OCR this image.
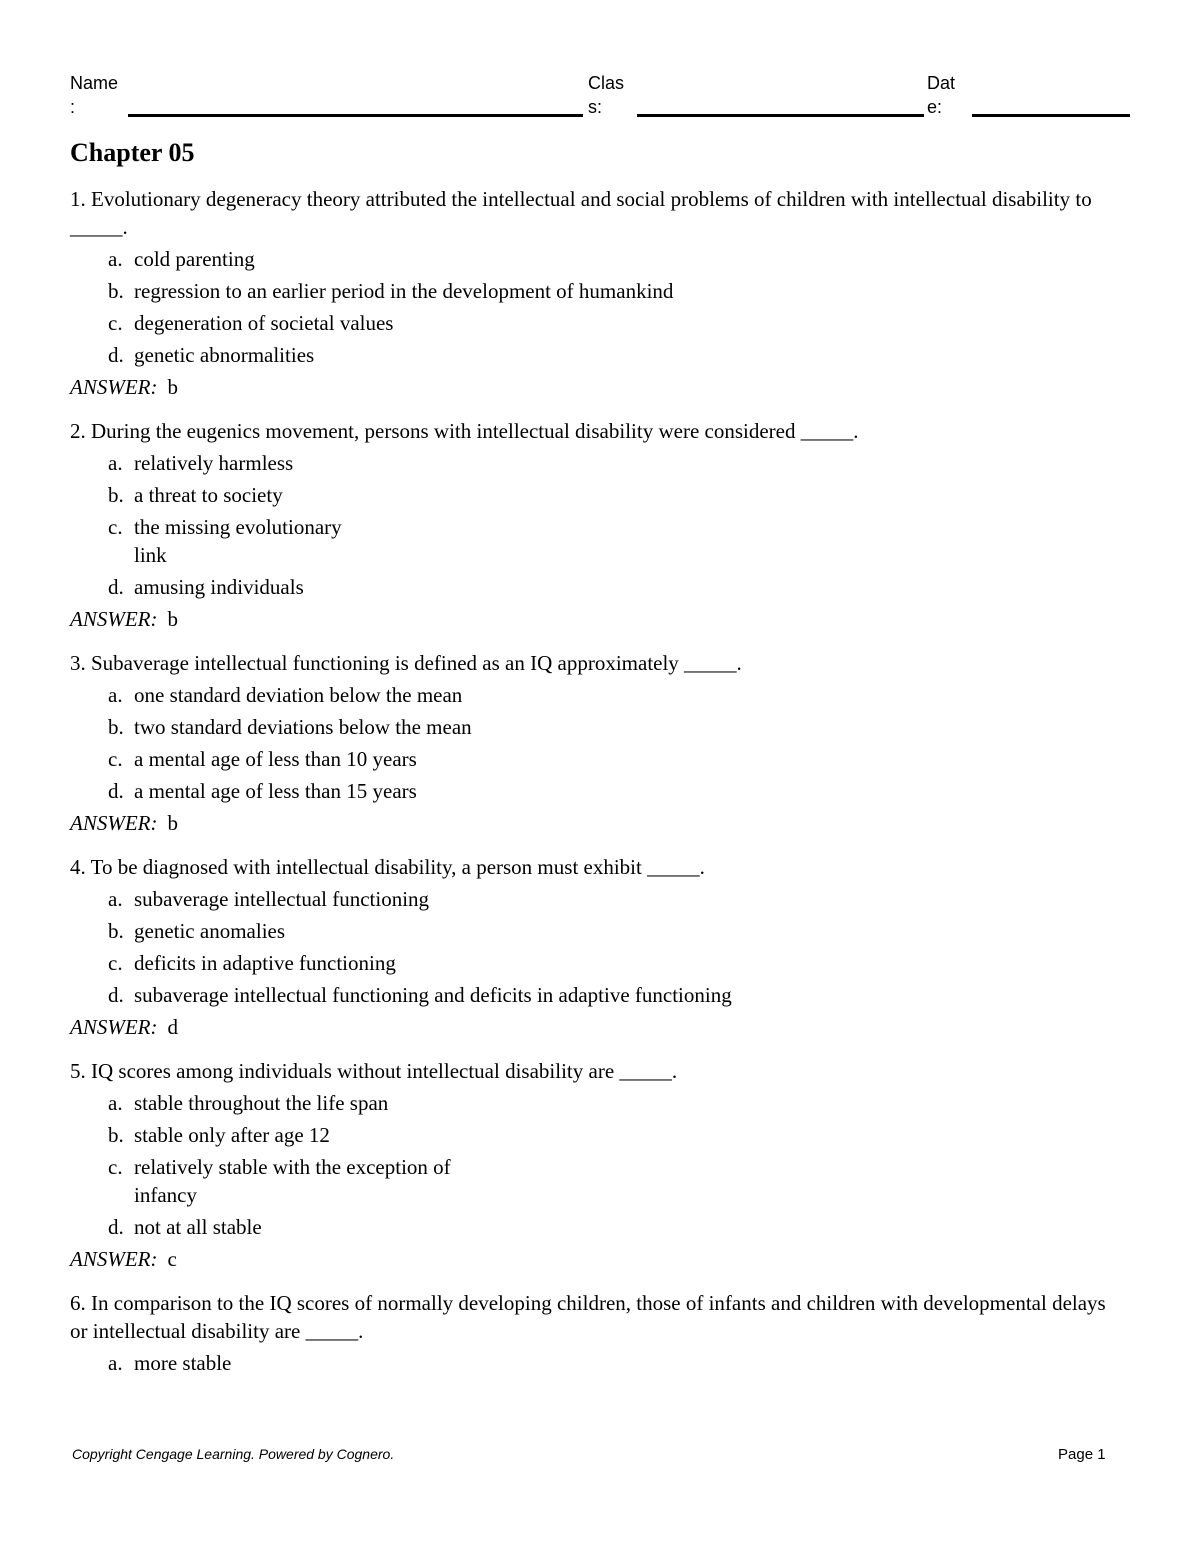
Name
:
Clas
s:
Dat
e:
Chapter 05
1. Evolutionary degeneracy theory attributed the intellectual and social problems of children with intellectual disability to _____.
a. cold parenting
b. regression to an earlier period in the development of humankind
c. degeneration of societal values
d. genetic abnormalities
ANSWER: b
2. During the eugenics movement, persons with intellectual disability were considered _____.
a. relatively harmless
b. a threat to society
c. the missing evolutionary link
d. amusing individuals
ANSWER: b
3. Subaverage intellectual functioning is defined as an IQ approximately _____.
a. one standard deviation below the mean
b. two standard deviations below the mean
c. a mental age of less than 10 years
d. a mental age of less than 15 years
ANSWER: b
4. To be diagnosed with intellectual disability, a person must exhibit _____.
a. subaverage intellectual functioning
b. genetic anomalies
c. deficits in adaptive functioning
d. subaverage intellectual functioning and deficits in adaptive functioning
ANSWER: d
5. IQ scores among individuals without intellectual disability are _____.
a. stable throughout the life span
b. stable only after age 12
c. relatively stable with the exception of infancy
d. not at all stable
ANSWER: c
6. In comparison to the IQ scores of normally developing children, those of infants and children with developmental delays or intellectual disability are _____.
a. more stable
Copyright Cengage Learning. Powered by Cognero.	Page 1
